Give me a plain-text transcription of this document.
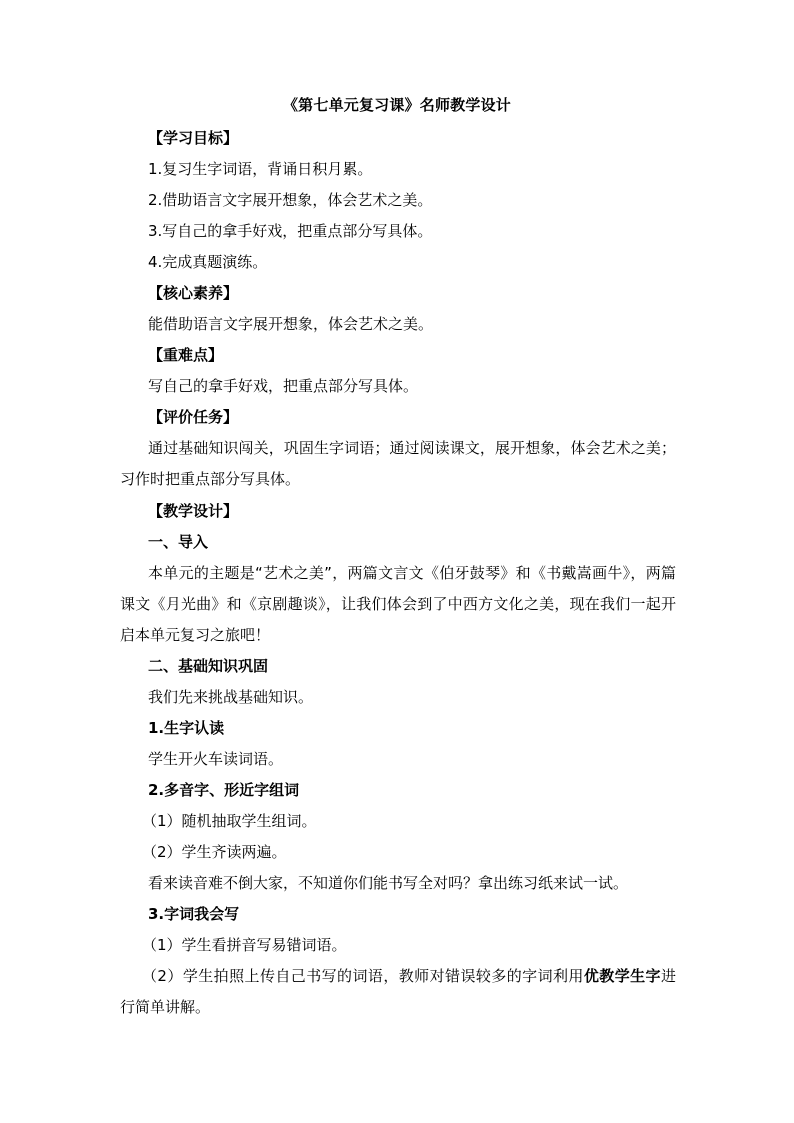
《第七单元复习课》名师教学设计
【学习目标】
1.复习生字词语，背诵日积月累。
2.借助语言文字展开想象，体会艺术之美。
3.写自己的拿手好戏，把重点部分写具体。
4.完成真题演练。
【核心素养】
能借助语言文字展开想象，体会艺术之美。
【重难点】
写自己的拿手好戏，把重点部分写具体。
【评价任务】
通过基础知识闯关，巩固生字词语；通过阅读课文，展开想象，体会艺术之美；习作时把重点部分写具体。
【教学设计】
一、导入
本单元的主题是“艺术之美”，两篇文言文《伯牙鼓琴》和《书戴嵩画牛》，两篇课文《月光曲》和《京剧趣谈》，让我们体会到了中西方文化之美，现在我们一起开启本单元复习之旅吧！
二、基础知识巩固
我们先来挑战基础知识。
1.生字认读
学生开火车读词语。
2.多音字、形近字组词
（1）随机抽取学生组词。
（2）学生齐读两遍。
看来读音难不倒大家，不知道你们能书写全对吗？拿出练习纸来试一试。
3.字词我会写
（1）学生看拼音写易错词语。
（2）学生拍照上传自己书写的词语，教师对错误较多的字词利用优教学生字进行简单讲解。
